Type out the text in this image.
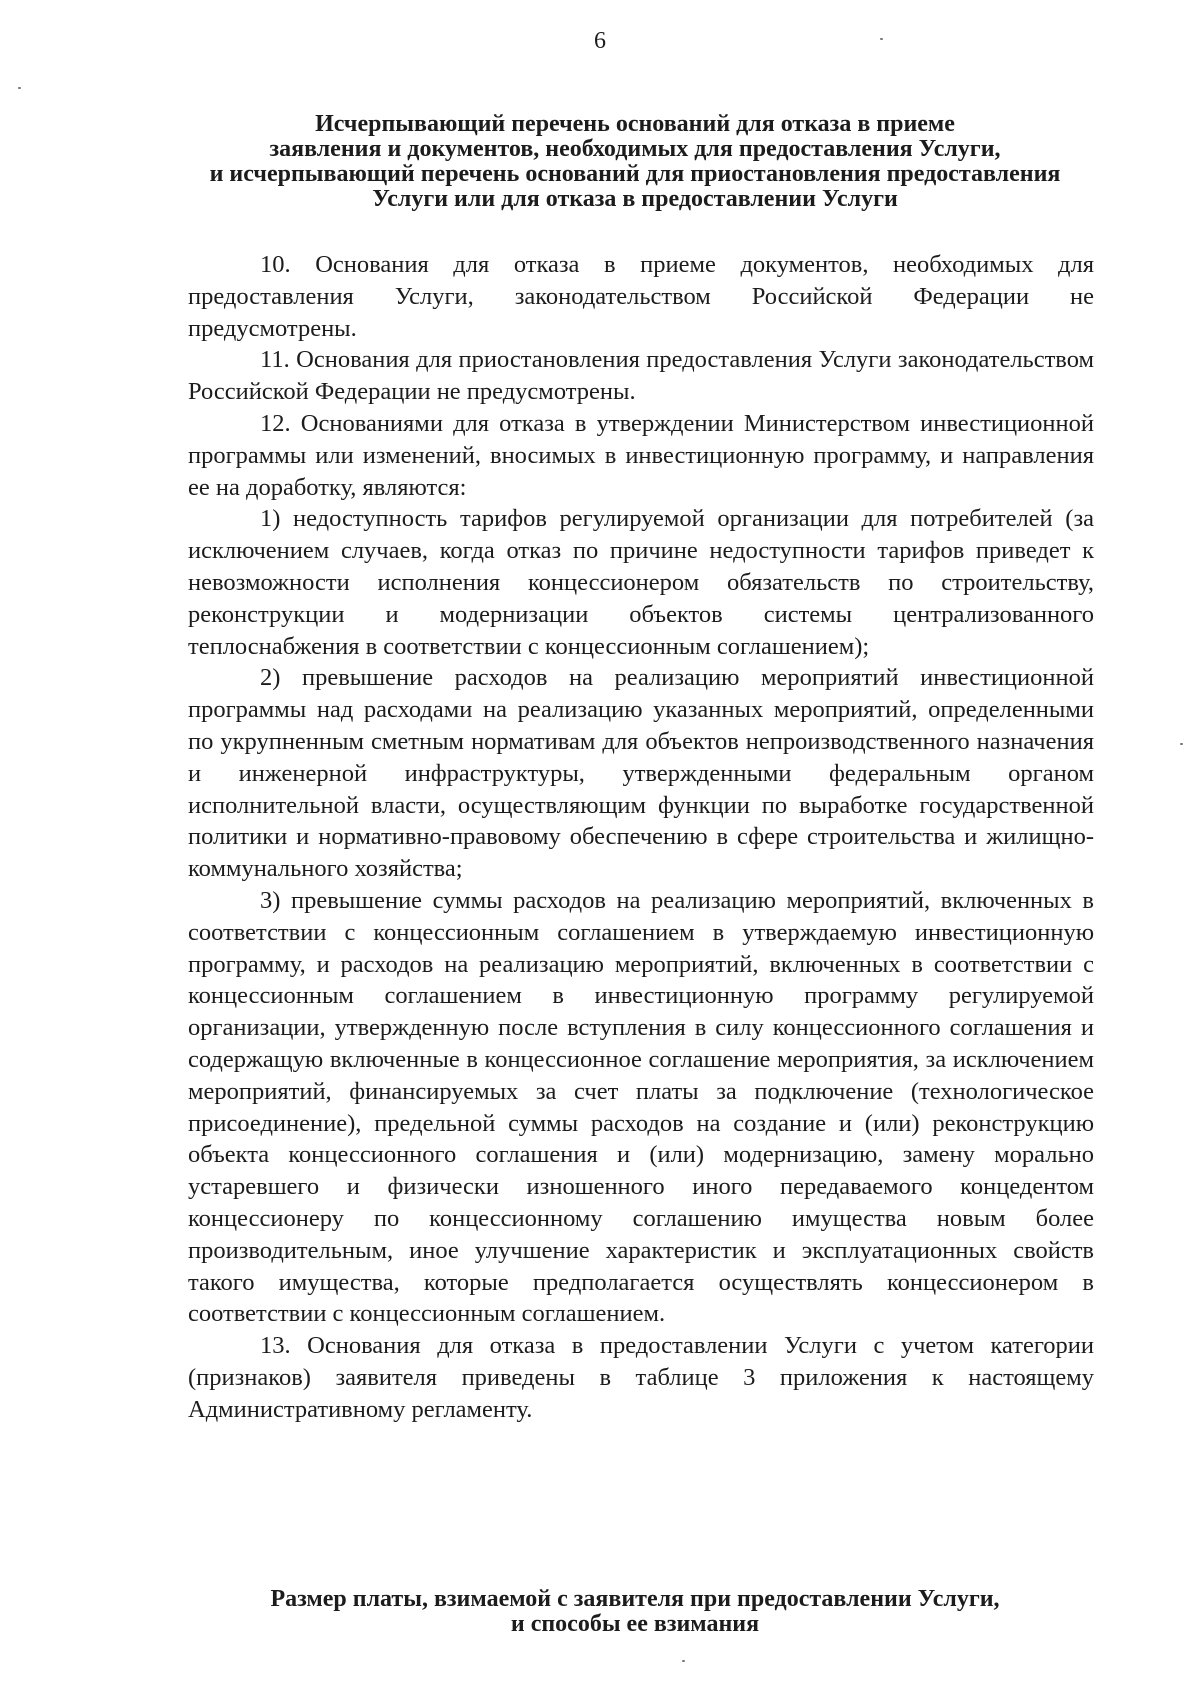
6
Исчерпывающий перечень оснований для отказа в приеме
заявления и документов, необходимых для предоставления Услуги,
и исчерпывающий перечень оснований для приостановления предоставления
Услуги или для отказа в предоставлении Услуги

10. Основания для отказа в приеме документов, необходимых для предоставления Услуги, законодательством Российской Федерации не предусмотрены.

11. Основания для приостановления предоставления Услуги законодательством Российской Федерации не предусмотрены.

12. Основаниями для отказа в утверждении Министерством инвестиционной программы или изменений, вносимых в инвестиционную программу, и направления ее на доработку, являются:

1) недоступность тарифов регулируемой организации для потребителей (за исключением случаев, когда отказ по причине недоступности тарифов приведет к невозможности исполнения концессионером обязательств по строительству, реконструкции и модернизации объектов системы централизованного теплоснабжения в соответствии с концессионным соглашением);

2) превышение расходов на реализацию мероприятий инвестиционной программы над расходами на реализацию указанных мероприятий, определенными по укрупненным сметным нормативам для объектов непроизводственного назначения и инженерной инфраструктуры, утвержденными федеральным органом исполнительной власти, осуществляющим функции по выработке государственной политики и нормативно-правовому обеспечению в сфере строительства и жилищно-коммунального хозяйства;

3) превышение суммы расходов на реализацию мероприятий, включенных в соответствии с концессионным соглашением в утверждаемую инвестиционную программу, и расходов на реализацию мероприятий, включенных в соответствии с концессионным соглашением в инвестиционную программу регулируемой организации, утвержденную после вступления в силу концессионного соглашения и содержащую включенные в концессионное соглашение мероприятия, за исключением мероприятий, финансируемых за счет платы за подключение (технологическое присоединение), предельной суммы расходов на создание и (или) реконструкцию объекта концессионного соглашения и (или) модернизацию, замену морально устаревшего и физически изношенного иного передаваемого концедентом концессионеру по концессионному соглашению имущества новым более производительным, иное улучшение характеристик и эксплуатационных свойств такого имущества, которые предполагается осуществлять концессионером в соответствии с концессионным соглашением.

13. Основания для отказа в предоставлении Услуги с учетом категории (признаков) заявителя приведены в таблице 3 приложения к настоящему Административному регламенту.

Размер платы, взимаемой с заявителя при предоставлении Услуги,
и способы ее взимания
